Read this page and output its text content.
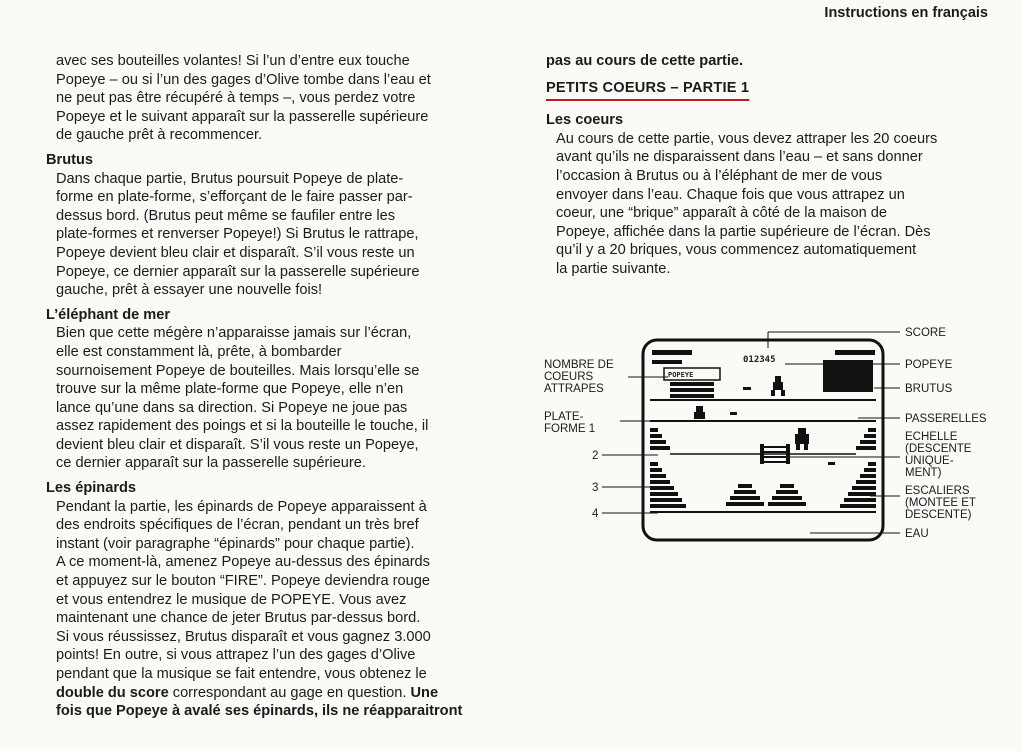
Instructions en français
avec ses bouteilles volantes! Si l’un d’entre eux touche
Popeye – ou si l’un des gages d’Olive tombe dans l’eau et
ne peut pas être récupéré à temps –, vous perdez votre
Popeye et le suivant apparaît sur la passerelle supérieure
de gauche prêt à recommencer.
Brutus
Dans chaque partie, Brutus poursuit Popeye de plate-
forme en plate-forme, s’efforçant de le faire passer par-
dessus bord. (Brutus peut même se faufiler entre les
plate-formes et renverser Popeye!) Si Brutus le rattrape,
Popeye devient bleu clair et disparaît. S’il vous reste un
Popeye, ce dernier apparaît sur la passerelle supérieure
gauche, prêt à essayer une nouvelle fois!
L’éléphant de mer
Bien que cette mégère n’apparaisse jamais sur l’écran,
elle est constamment là, prête, à bombarder
sournoisement Popeye de bouteilles. Mais lorsqu’elle se
trouve sur la même plate-forme que Popeye, elle n’en
lance qu’une dans sa direction. Si Popeye ne joue pas
assez rapidement des poings et si la bouteille le touche, il
devient bleu clair et disparaît. S’il vous reste un Popeye,
ce dernier apparaît sur la passerelle supérieure.
Les épinards
Pendant la partie, les épinards de Popeye apparaissent à
des endroits spécifiques de l’écran, pendant un très bref
instant (voir paragraphe “épinards” pour chaque partie).
A ce moment-là, amenez Popeye au-dessus des épinards
et appuyez sur le bouton “FIRE”. Popeye deviendra rouge
et vous entendrez le musique de POPEYE. Vous avez
maintenant une chance de jeter Brutus par-dessus bord.
Si vous réussissez, Brutus disparaît et vous gagnez 3.000
points! En outre, si vous attrapez l’un des gages d’Olive
pendant que la musique se fait entendre, vous obtenez le
double du score correspondant au gage en question. Une
fois que Popeye à avalé ses épinards, ils ne réapparaitront
pas au cours de cette partie.
PETITS COEURS – PARTIE 1
Les coeurs
Au cours de cette partie, vous devez attraper les 20 coeurs
avant qu’ils ne disparaissent dans l’eau – et sans donner
l’occasion à Brutus ou à l’éléphant de mer de vous
envoyer dans l’eau. Chaque fois que vous attrapez un
coeur, une “brique” apparaît à côté de la maison de
Popeye, affichée dans la partie supérieure de l’écran. Dès
qu’il y a 20 briques, vous commencez automatiquement
la partie suivante.
012345
POPEYE
NOMBRE DE
COEURS
ATTRAPES
PLATE-
FORME 1
2
3
4
SCORE
POPEYE
BRUTUS
PASSERELLES
ECHELLE
(DESCENTE
UNIQUE-
MENT)
ESCALIERS
(MONTEE ET
DESCENTE)
EAU
